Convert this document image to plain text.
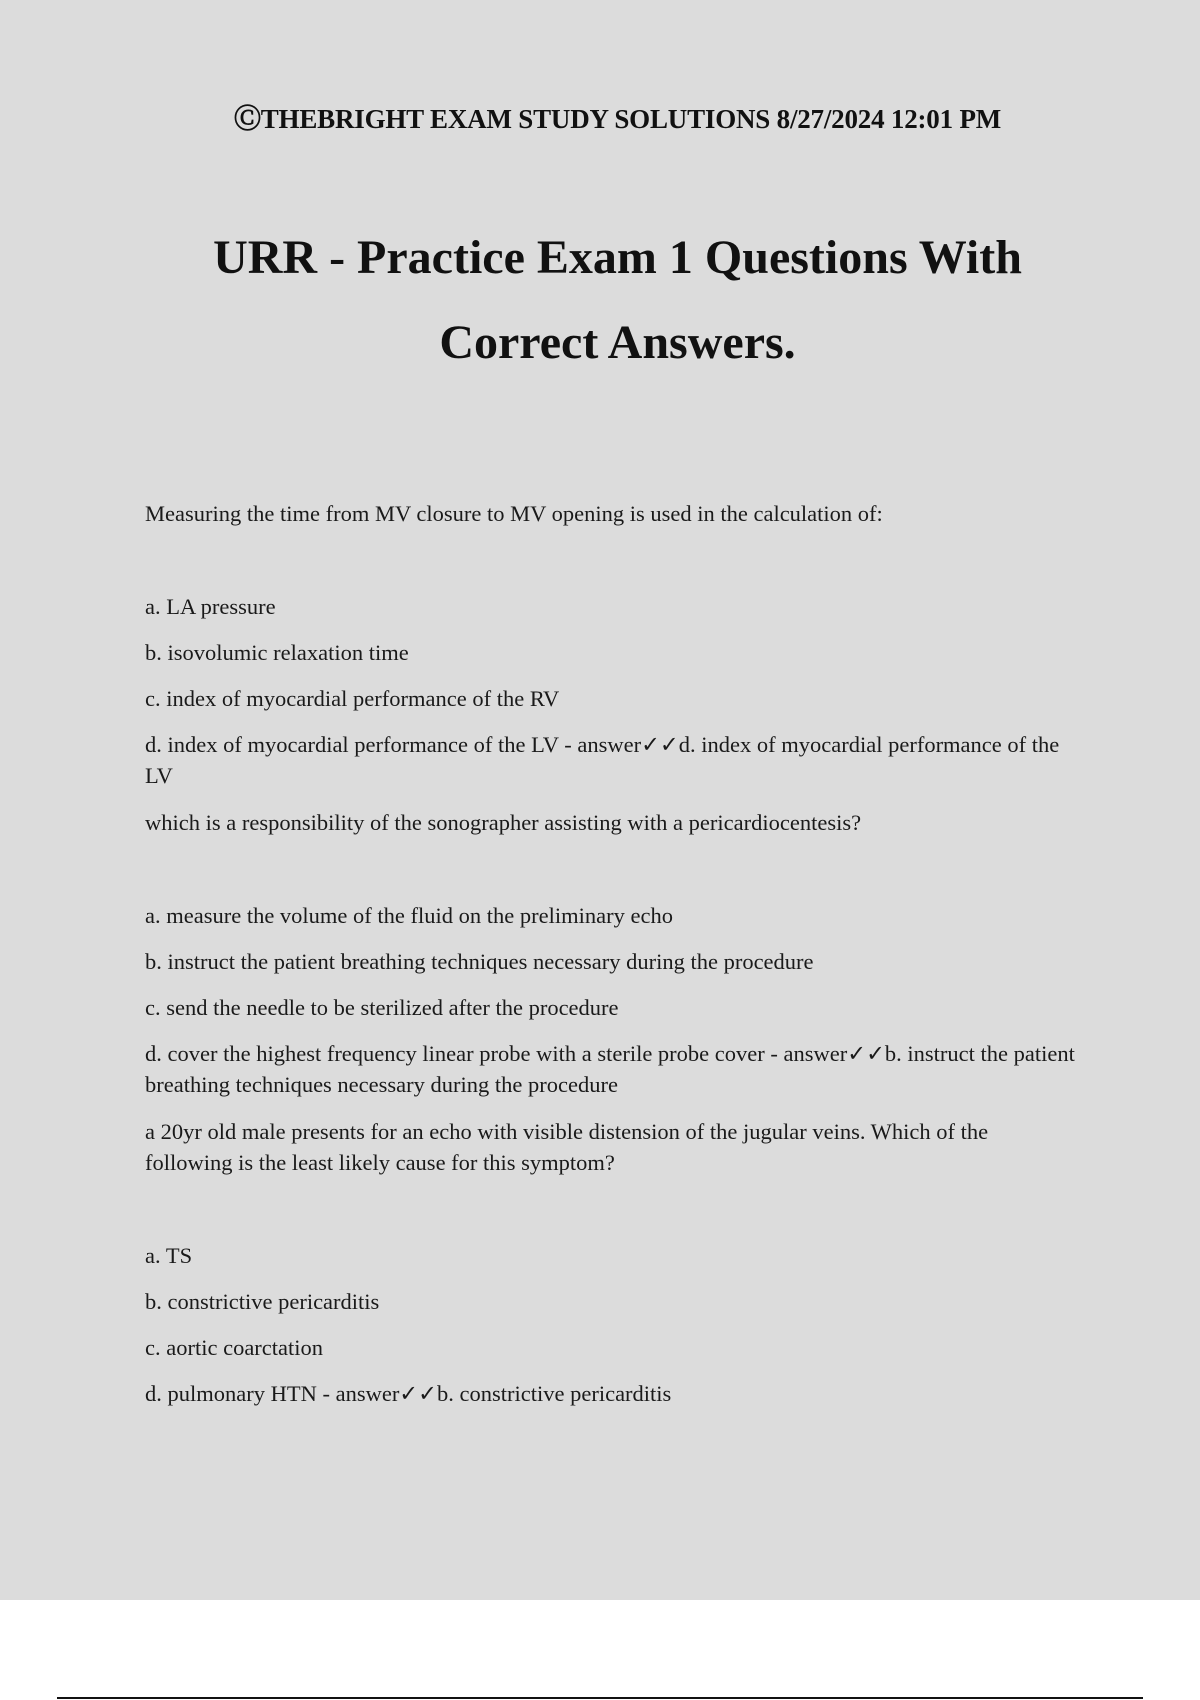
ⒸTHEBRIGHT EXAM STUDY SOLUTIONS 8/27/2024 12:01 PM
URR - Practice Exam 1 Questions With
Correct Answers.

Measuring the time from MV closure to MV opening is used in the calculation of:

a. LA pressure

b. isovolumic relaxation time

c. index of myocardial performance of the RV

d. index of myocardial performance of the LV - answer✓✓d. index of myocardial performance of the LV

which is a responsibility of the sonographer assisting with a pericardiocentesis?

a. measure the volume of the fluid on the preliminary echo

b. instruct the patient breathing techniques necessary during the procedure

c. send the needle to be sterilized after the procedure

d. cover the highest frequency linear probe with a sterile probe cover - answer✓✓b. instruct the patient breathing techniques necessary during the procedure

a 20yr old male presents for an echo with visible distension of the jugular veins. Which of the following is the least likely cause for this symptom?

a. TS

b. constrictive pericarditis

c. aortic coarctation

d. pulmonary HTN - answer✓✓b. constrictive pericarditis
